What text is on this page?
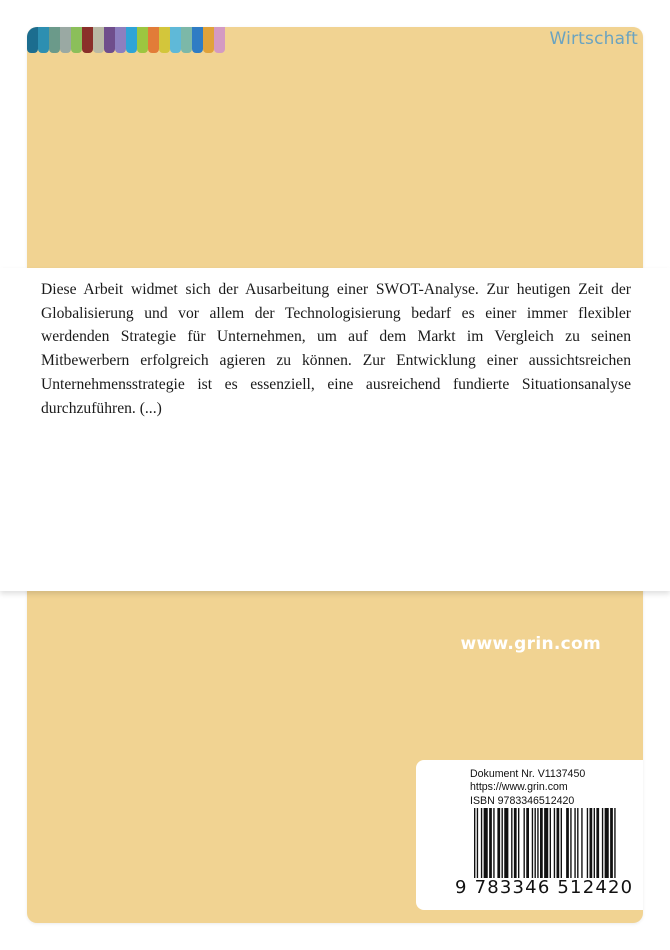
Wirtschaft
www.grin.com

Diese Arbeit widmet sich der Ausarbeitung einer SWOT-Analyse. Zur heutigen Zeit der Globalisierung und vor allem der Technologisierung bedarf es einer immer flexibler werdenden Strategie für Unternehmen, um auf dem Markt im Vergleich zu seinen Mitbewerbern erfolgreich agieren zu können. Zur Entwicklung einer aussichtsreichen Unternehmensstrategie ist es essenziell, eine ausreichend fundierte Situationsanalyse durchzuführen. (...)

Dokument Nr. V1137450
https://www.grin.com
ISBN 9783346512420
9 783346 512420
